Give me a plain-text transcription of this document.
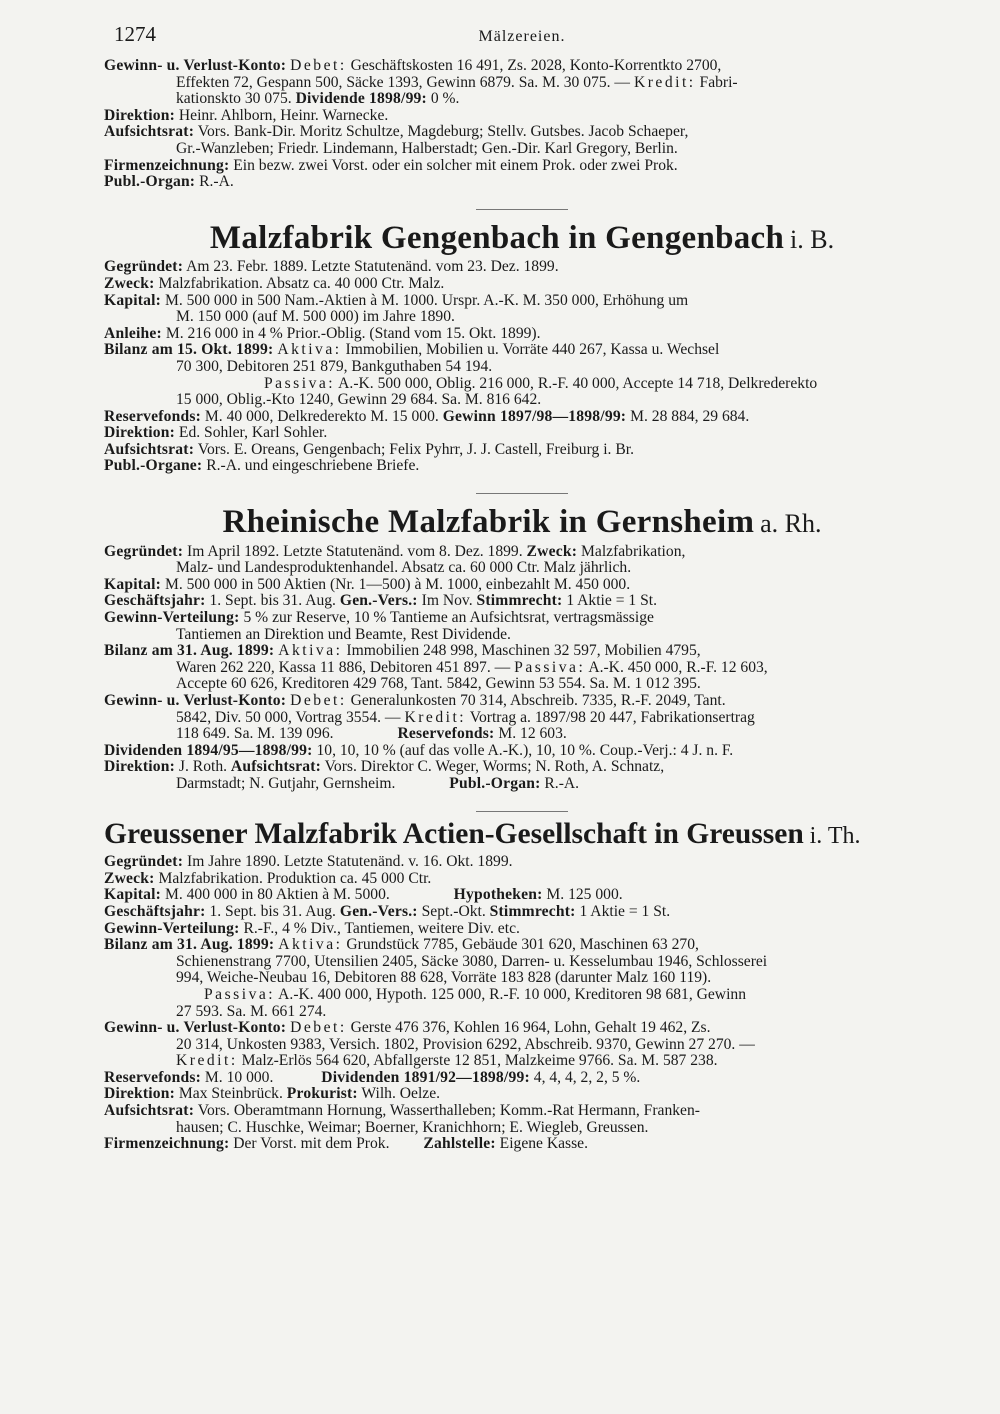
1274	Mälzereien.

Gewinn- u. Verlust-Konto: Debet: Geschäftskosten 16 491, Zs. 2028, Konto-Korrentkto 2700,

Effekten 72, Gespann 500, Säcke 1393, Gewinn 6879. Sa. M. 30 075. — Kredit: Fabri-

kationskto 30 075. Dividende 1898/99: 0 %.

Direktion: Heinr. Ahlborn, Heinr. Warnecke.

Aufsichtsrat: Vors. Bank-Dir. Moritz Schultze, Magdeburg; Stellv. Gutsbes. Jacob Schaeper,

Gr.-Wanzleben; Friedr. Lindemann, Halberstadt; Gen.-Dir. Karl Gregory, Berlin.

Firmenzeichnung: Ein bezw. zwei Vorst. oder ein solcher mit einem Prok. oder zwei Prok.

Publ.-Organ: R.-A.

Malzfabrik Gengenbach in Gengenbach i. B.

Gegründet: Am 23. Febr. 1889. Letzte Statutenänd. vom 23. Dez. 1899.

Zweck: Malzfabrikation. Absatz ca. 40 000 Ctr. Malz.

Kapital: M. 500 000 in 500 Nam.-Aktien à M. 1000. Urspr. A.-K. M. 350 000, Erhöhung um

M. 150 000 (auf M. 500 000) im Jahre 1890.

Anleihe: M. 216 000 in 4 % Prior.-Oblig. (Stand vom 15. Okt. 1899).

Bilanz am 15. Okt. 1899: Aktiva: Immobilien, Mobilien u. Vorräte 440 267, Kassa u. Wechsel

70 300, Debitoren 251 879, Bankguthaben 54 194.

Passiva: A.-K. 500 000, Oblig. 216 000, R.-F. 40 000, Accepte 14 718, Delkrederekto

15 000, Oblig.-Kto 1240, Gewinn 29 684. Sa. M. 816 642.

Reservefonds: M. 40 000, Delkrederekto M. 15 000. Gewinn 1897/98—1898/99: M. 28 884, 29 684.

Direktion: Ed. Sohler, Karl Sohler.

Aufsichtsrat: Vors. E. Oreans, Gengenbach; Felix Pyhrr, J. J. Castell, Freiburg i. Br.

Publ.-Organe: R.-A. und eingeschriebene Briefe.

Rheinische Malzfabrik in Gernsheim a. Rh.

Gegründet: Im April 1892. Letzte Statutenänd. vom 8. Dez. 1899. Zweck: Malzfabrikation,

Malz- und Landesproduktenhandel. Absatz ca. 60 000 Ctr. Malz jährlich.

Kapital: M. 500 000 in 500 Aktien (Nr. 1—500) à M. 1000, einbezahlt M. 450 000.

Geschäftsjahr: 1. Sept. bis 31. Aug. Gen.-Vers.: Im Nov. Stimmrecht: 1 Aktie = 1 St.

Gewinn-Verteilung: 5 % zur Reserve, 10 % Tantieme an Aufsichtsrat, vertragsmässige

Tantiemen an Direktion und Beamte, Rest Dividende.

Bilanz am 31. Aug. 1899: Aktiva: Immobilien 248 998, Maschinen 32 597, Mobilien 4795,

Waren 262 220, Kassa 11 886, Debitoren 451 897. — Passiva: A.-K. 450 000, R.-F. 12 603,

Accepte 60 626, Kreditoren 429 768, Tant. 5842, Gewinn 53 554. Sa. M. 1 012 395.

Gewinn- u. Verlust-Konto: Debet: Generalunkosten 70 314, Abschreib. 7335, R.-F. 2049, Tant.

5842, Div. 50 000, Vortrag 3554. — Kredit: Vortrag a. 1897/98 20 447, Fabrikationsertrag

118 649. Sa. M. 139 096.	Reservefonds: M. 12 603.

Dividenden 1894/95—1898/99: 10, 10, 10 % (auf das volle A.-K.), 10, 10 %. Coup.-Verj.: 4 J. n. F.

Direktion: J. Roth. Aufsichtsrat: Vors. Direktor C. Weger, Worms; N. Roth, A. Schnatz,

Darmstadt; N. Gutjahr, Gernsheim.	Publ.-Organ: R.-A.

Greussener Malzfabrik Actien-Gesellschaft in Greussen i. Th.

Gegründet: Im Jahre 1890. Letzte Statutenänd. v. 16. Okt. 1899.

Zweck: Malzfabrikation. Produktion ca. 45 000 Ctr.

Kapital: M. 400 000 in 80 Aktien à M. 5000.	Hypotheken: M. 125 000.

Geschäftsjahr: 1. Sept. bis 31. Aug. Gen.-Vers.: Sept.-Okt. Stimmrecht: 1 Aktie = 1 St.

Gewinn-Verteilung: R.-F., 4 % Div., Tantiemen, weitere Div. etc.

Bilanz am 31. Aug. 1899: Aktiva: Grundstück 7785, Gebäude 301 620, Maschinen 63 270,

Schienenstrang 7700, Utensilien 2405, Säcke 3080, Darren- u. Kesselumbau 1946, Schlosserei

994, Weiche-Neubau 16, Debitoren 88 628, Vorräte 183 828 (darunter Malz 160 119).

Passiva: A.-K. 400 000, Hypoth. 125 000, R.-F. 10 000, Kreditoren 98 681, Gewinn

27 593. Sa. M. 661 274.

Gewinn- u. Verlust-Konto: Debet: Gerste 476 376, Kohlen 16 964, Lohn, Gehalt 19 462, Zs.

20 314, Unkosten 9383, Versich. 1802, Provision 6292, Abschreib. 9370, Gewinn 27 270. —

Kredit: Malz-Erlös 564 620, Abfallgerste 12 851, Malzkeime 9766. Sa. M. 587 238.

Reservefonds: M. 10 000.	Dividenden 1891/92—1898/99: 4, 4, 4, 2, 2, 5 %.

Direktion: Max Steinbrück. Prokurist: Wilh. Oelze.

Aufsichtsrat: Vors. Oberamtmann Hornung, Wasserthalleben; Komm.-Rat Hermann, Franken-

hausen; C. Huschke, Weimar; Boerner, Kranichhorn; E. Wiegleb, Greussen.

Firmenzeichnung: Der Vorst. mit dem Prok. Zahlstelle: Eigene Kasse.
